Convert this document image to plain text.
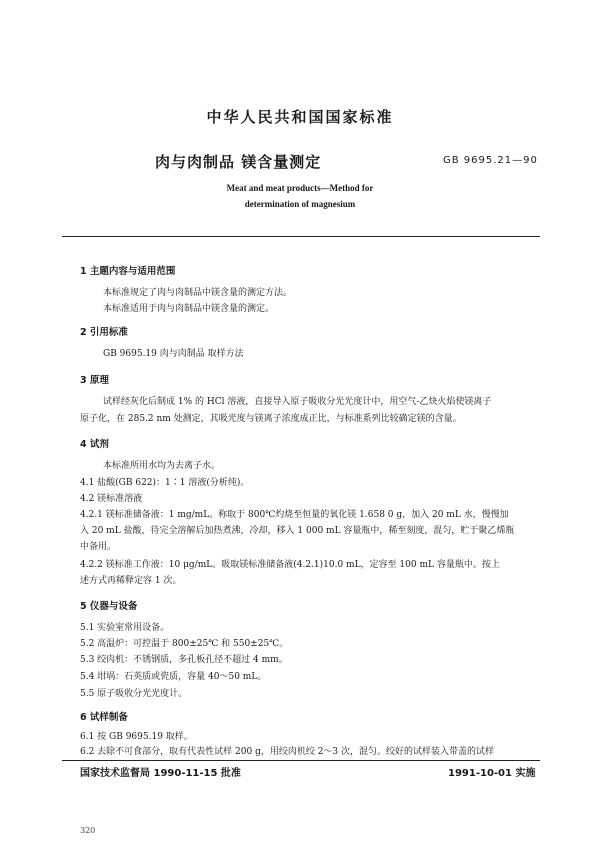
中华人民共和国国家标准
肉与肉制品 镁含量测定	GB 9695.21—90
Meat and meat products—Method for
determination of magnesium
1 主题内容与适用范围
本标准规定了肉与肉制品中镁含量的测定方法。
本标准适用于肉与肉制品中镁含量的测定。
2 引用标准
GB 9695.19 肉与肉制品 取样方法
3 原理
试样经灰化后制成 1% 的 HCl 溶液，直接导入原子吸收分光光度计中，用空气-乙炔火焰使镁离子
原子化，在 285.2 nm 处测定，其吸光度与镁离子浓度成正比，与标准系列比较确定镁的含量。
4 试剂
本标准所用水均为去离子水。
4.1 盐酸(GB 622)：1∶1 溶液(分析纯)。
4.2 镁标准溶液
4.2.1 镁标准储备液：1 mg/mL。称取于 800℃灼烧至恒量的氧化镁 1.658 0 g，加入 20 mL 水，慢慢加
入 20 mL 盐酸，待完全溶解后加热煮沸，冷却，移入 1 000 mL 容量瓶中，稀至刻度，混匀，贮于聚乙烯瓶
中备用。
4.2.2 镁标准工作液：10 μg/mL。吸取镁标准储备液(4.2.1)10.0 mL，定容至 100 mL 容量瓶中。按上
述方式再稀释定容 1 次。
5 仪器与设备
5.1 实验室常用设备。
5.2 高温炉：可控温于 800±25℃ 和 550±25℃。
5.3 绞肉机：不锈钢质，多孔板孔径不超过 4 mm。
5.4 坩埚：石英质或瓷质，容量 40～50 mL。
5.5 原子吸收分光光度计。
6 试样制备
6.1 按 GB 9695.19 取样。
6.2 去除不可食部分，取有代表性试样 200 g，用绞肉机绞 2～3 次，混匀。绞好的试样装入带盖的试样
国家技术监督局 1990-11-15 批准	1991-10-01 实施
320
